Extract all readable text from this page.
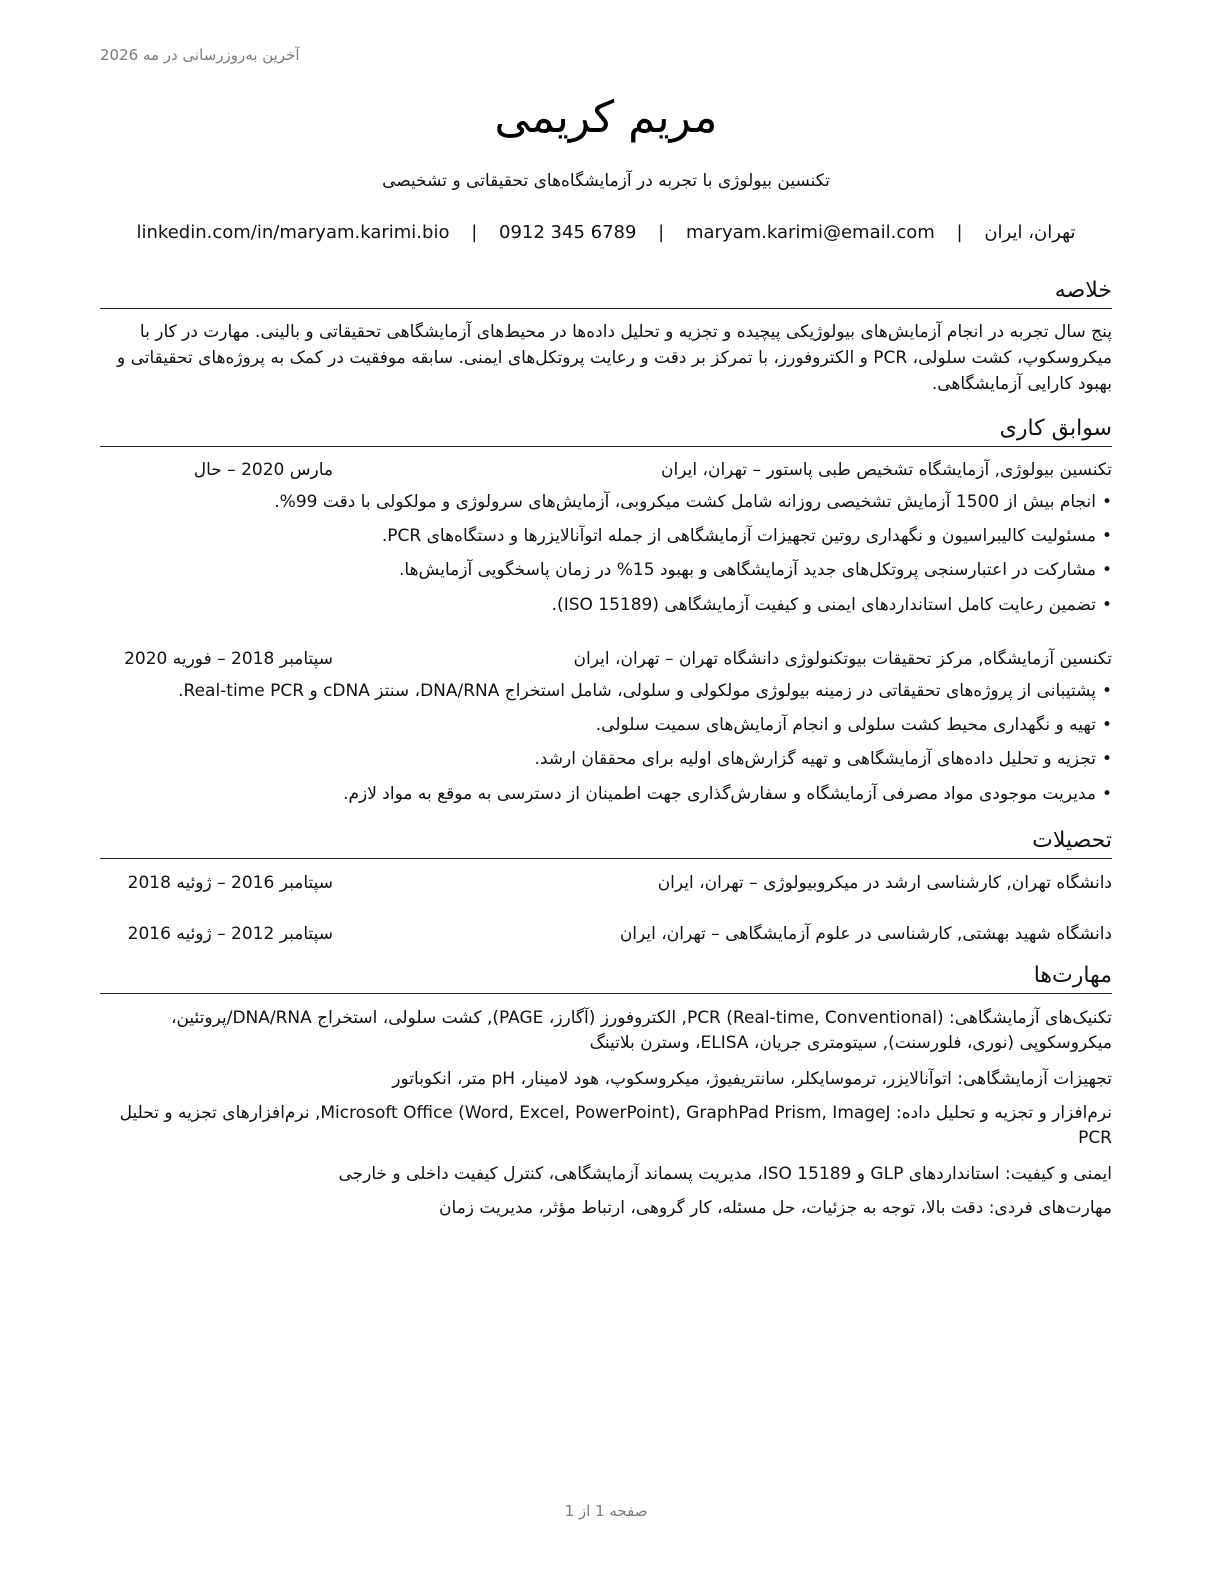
آخرین به‌روزرسانی در مه 2026
مریم کریمی
تکنسین بیولوژی با تجربه در آزمایشگاه‌های تحقیقاتی و تشخیصی
تهران، ایران | maryam.karimi@email.com | 0912 345 6789 | linkedin.com/in/maryam.karimi.bio
خلاصه
پنج سال تجربه در انجام آزمایش‌های بیولوژیکی پیچیده و تجزیه و تحلیل داده‌ها در محیط‌های آزمایشگاهی تحقیقاتی و بالینی. مهارت در کار با میکروسکوپ، کشت سلولی، PCR و الکتروفورز، با تمرکز بر دقت و رعایت پروتکل‌های ایمنی. سابقه موفقیت در کمک به پروژه‌های تحقیقاتی و بهبود کارایی آزمایشگاهی.
سوابق کاری
تکنسین بیولوژی, آزمایشگاه تشخیص طبی پاستور – تهران، ایران
مارس 2020 – حال
•انجام بیش از 1500 آزمایش تشخیصی روزانه شامل کشت میکروبی، آزمایش‌های سرولوژی و مولکولی با دقت 99%.
•مسئولیت کالیبراسیون و نگهداری روتین تجهیزات آزمایشگاهی از جمله اتوآنالایزرها و دستگاه‌های PCR.
•مشارکت در اعتبارسنجی پروتکل‌های جدید آزمایشگاهی و بهبود 15% در زمان پاسخگویی آزمایش‌ها.
•تضمین رعایت کامل استانداردهای ایمنی و کیفیت آزمایشگاهی (ISO 15189).
تکنسین آزمایشگاه, مرکز تحقیقات بیوتکنولوژی دانشگاه تهران – تهران، ایران
سپتامبر 2018 – فوریه 2020
•پشتیبانی از پروژه‌های تحقیقاتی در زمینه بیولوژی مولکولی و سلولی، شامل استخراج DNA/RNA، سنتز cDNA و Real-time PCR.
•تهیه و نگهداری محیط کشت سلولی و انجام آزمایش‌های سمیت سلولی.
•تجزیه و تحلیل داده‌های آزمایشگاهی و تهیه گزارش‌های اولیه برای محققان ارشد.
•مدیریت موجودی مواد مصرفی آزمایشگاه و سفارش‌گذاری جهت اطمینان از دسترسی به موقع به مواد لازم.
تحصیلات
دانشگاه تهران, کارشناسی ارشد در میکروبیولوژی – تهران، ایران
سپتامبر 2016 – ژوئیه 2018
دانشگاه شهید بهشتی, کارشناسی در علوم آزمایشگاهی – تهران، ایران
سپتامبر 2012 – ژوئیه 2016
مهارت‌ها
تکنیک‌های آزمایشگاهی: PCR (Real-time, Conventional), الکتروفورز (آگارز، PAGE), کشت سلولی، استخراج DNA/RNA/پروتئین، میکروسکوپی (نوری، فلورسنت), سیتومتری جریان، ELISA، وسترن بلاتینگ
تجهیزات آزمایشگاهی: اتوآنالایزر، ترموسایکلر، سانتریفیوژ، میکروسکوپ، هود لامینار، pH متر، انکوباتور
نرم‌افزار و تجزیه و تحلیل داده: Microsoft Office (Word, Excel, PowerPoint), GraphPad Prism, ImageJ, نرم‌افزارهای تجزیه و تحلیل PCR
ایمنی و کیفیت: استانداردهای GLP و ISO 15189، مدیریت پسماند آزمایشگاهی، کنترل کیفیت داخلی و خارجی
مهارت‌های فردی: دقت بالا، توجه به جزئیات، حل مسئله، کار گروهی، ارتباط مؤثر، مدیریت زمان
صفحه 1 از 1
